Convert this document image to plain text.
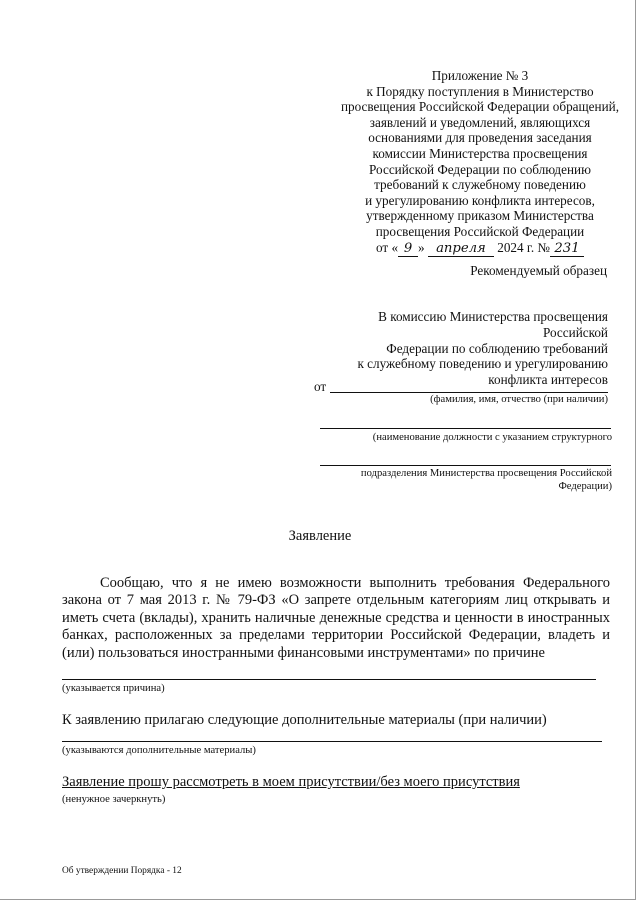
Приложение № 3
к Порядку поступления в Министерство
просвещения Российской Федерации обращений,
заявлений и уведомлений, являющихся
основаниями для проведения заседания
комиссии Министерства просвещения
Российской Федерации по соблюдению
требований к служебному поведению
и урегулированию конфликта интересов,
утвержденному приказом Министерства
просвещения Российской Федерации
от « 9 » апреля 2024 г. № 231
Рекомендуемый образец
В комиссию Министерства просвещения Российской
Федерации по соблюдению требований
к служебному поведению и урегулированию
конфликта интересов
от
(фамилия, имя, отчество (при наличии)
(наименование должности с указанием структурного
подразделения Министерства просвещения Российской
Федерации)
Заявление
Сообщаю, что я не имею возможности выполнить требования Федерального закона от 7 мая 2013 г. № 79-ФЗ «О запрете отдельным категориям лиц открывать и иметь счета (вклады), хранить наличные денежные средства и ценности в иностранных банках, расположенных за пределами территории Российской Федерации, владеть и (или) пользоваться иностранными финансовыми инструментами» по причине
(указывается причина)
К заявлению прилагаю следующие дополнительные материалы (при наличии)
(указываются дополнительные материалы)
Заявление прошу рассмотреть в моем присутствии/без моего присутствия
(ненужное зачеркнуть)
Об утверждении Порядка - 12
